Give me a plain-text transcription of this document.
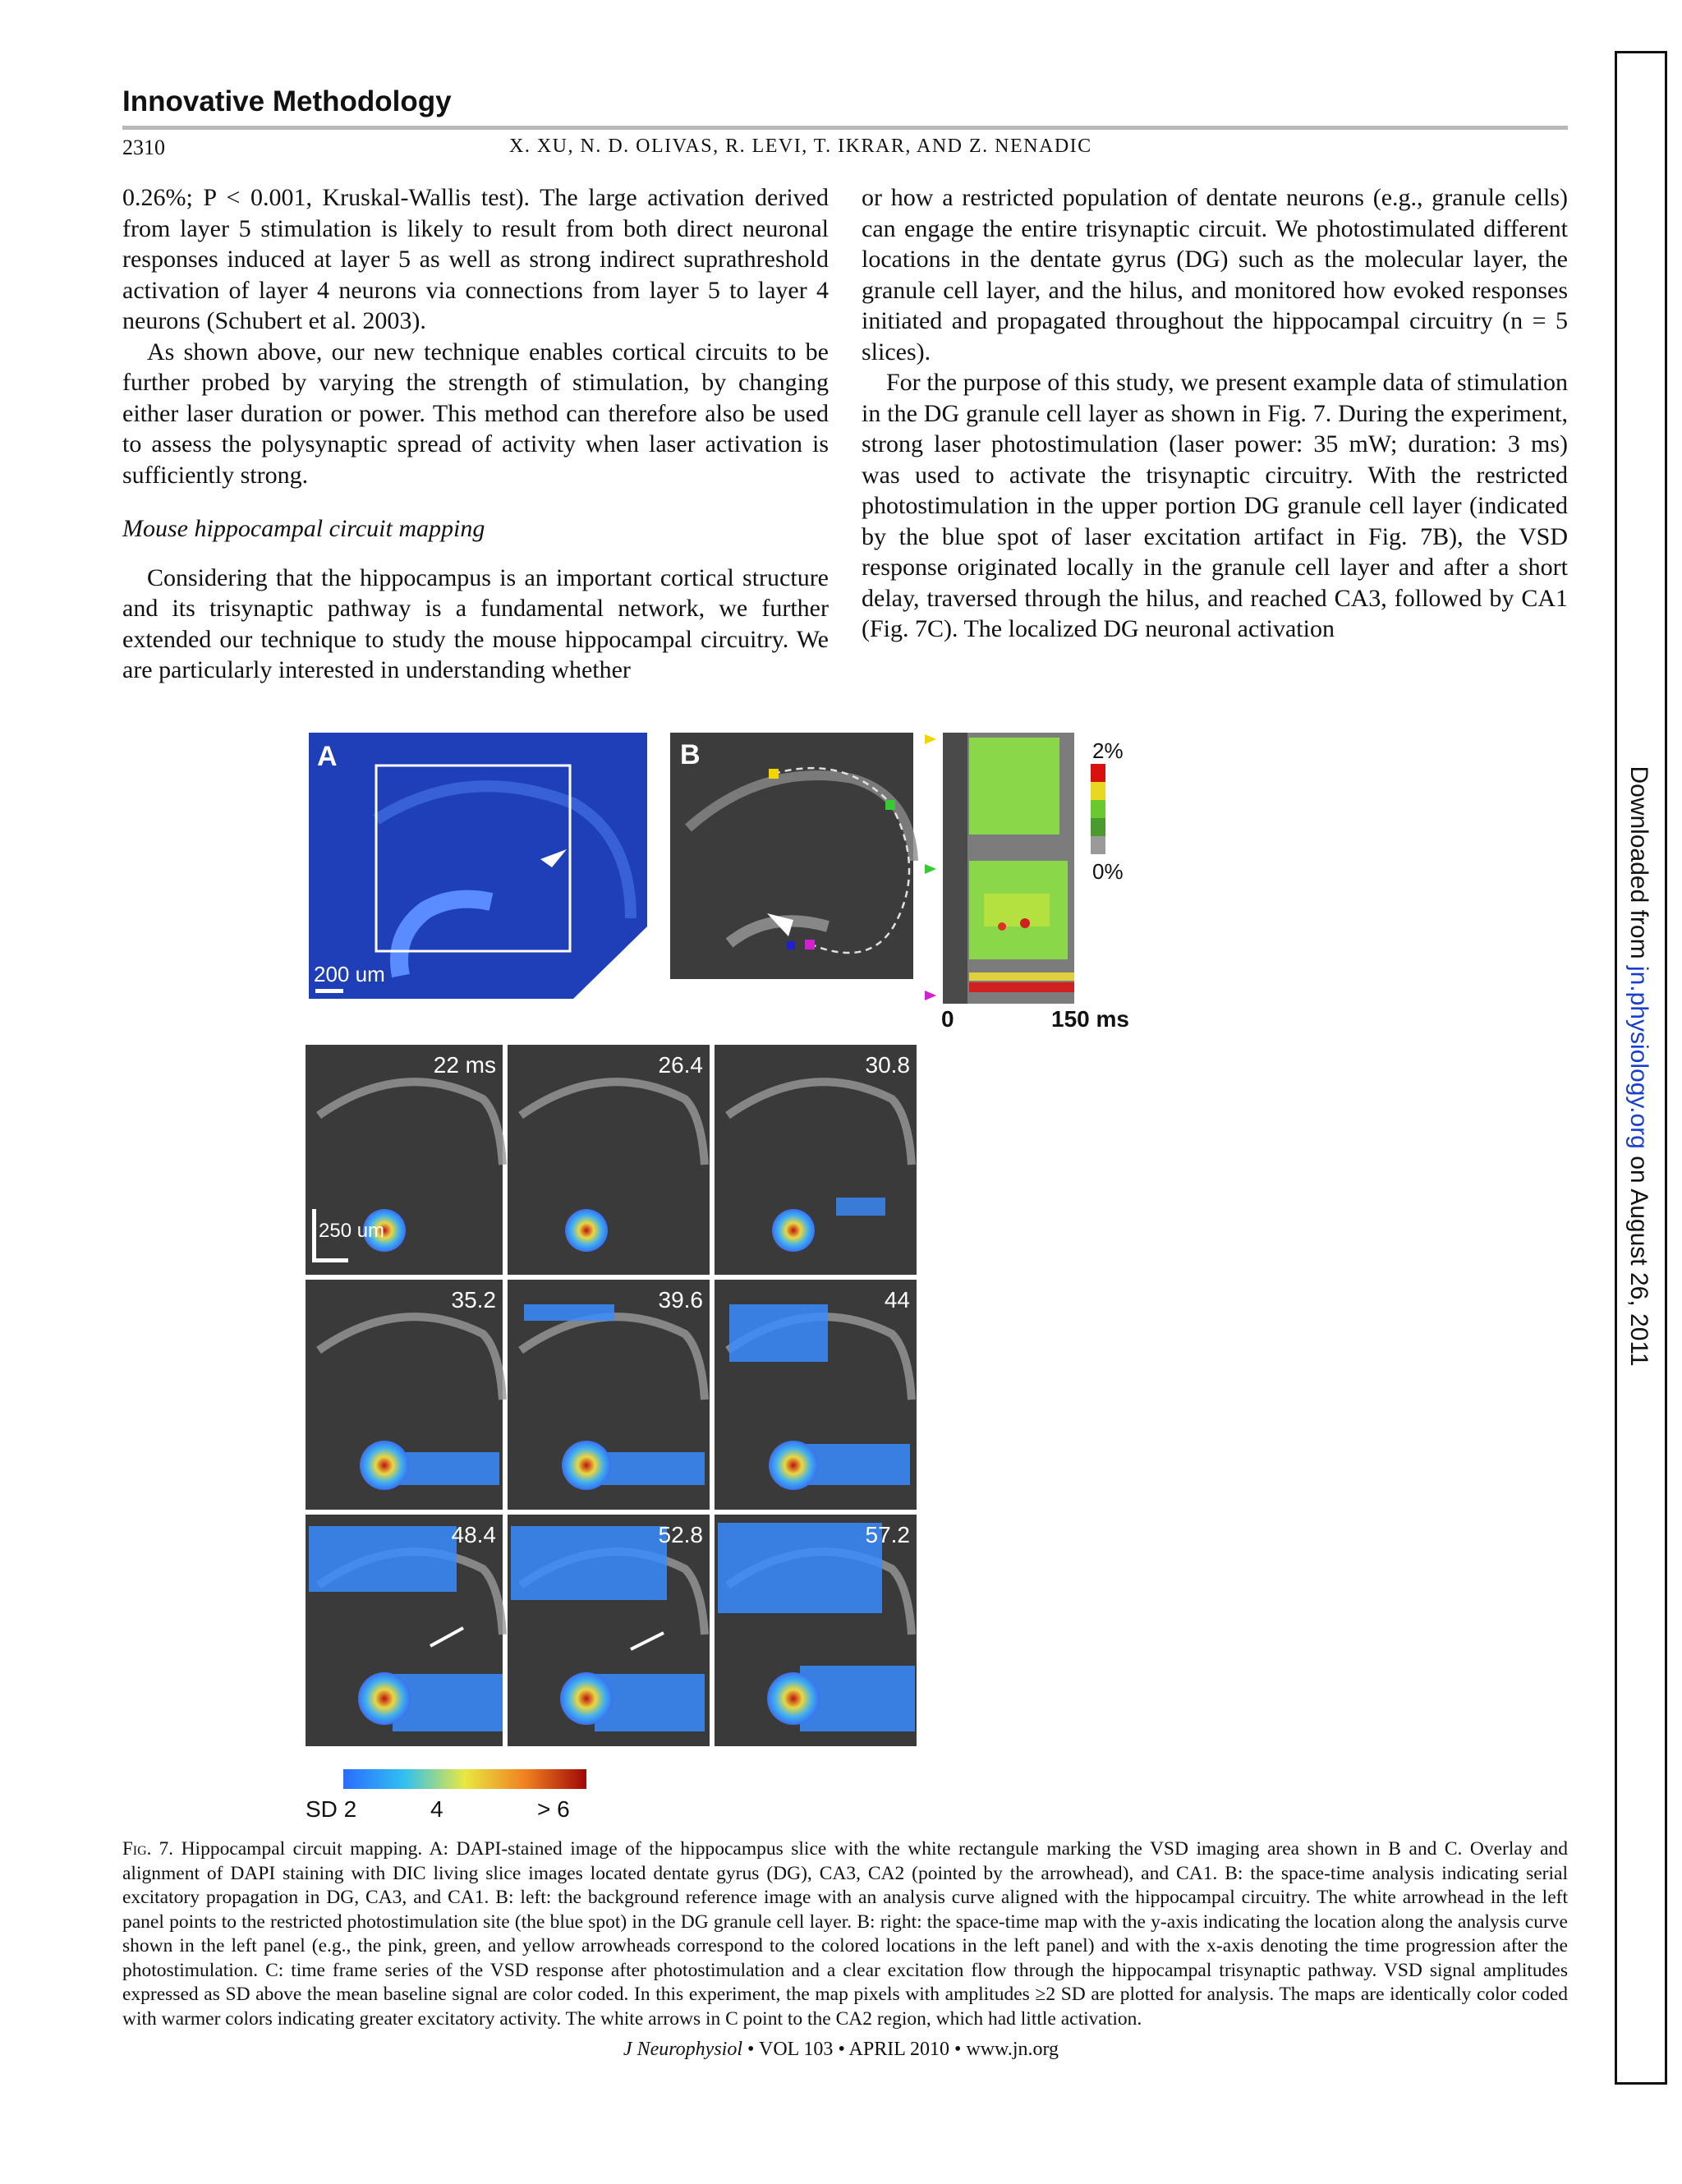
Innovative Methodology
2310	X. XU, N. D. OLIVAS, R. LEVI, T. IKRAR, AND Z. NENADIC

0.26%; P < 0.001, Kruskal-Wallis test). The large activation derived from layer 5 stimulation is likely to result from both direct neuronal responses induced at layer 5 as well as strong indirect suprathreshold activation of layer 4 neurons via connections from layer 5 to layer 4 neurons (Schubert et al. 2003).

As shown above, our new technique enables cortical circuits to be further probed by varying the strength of stimulation, by changing either laser duration or power. This method can therefore also be used to assess the polysynaptic spread of activity when laser activation is sufficiently strong.

Mouse hippocampal circuit mapping

Considering that the hippocampus is an important cortical structure and its trisynaptic pathway is a fundamental network, we further extended our technique to study the mouse hippocampal circuitry. We are particularly interested in understanding whether

or how a restricted population of dentate neurons (e.g., granule cells) can engage the entire trisynaptic circuit. We photostimulated different locations in the dentate gyrus (DG) such as the molecular layer, the granule cell layer, and the hilus, and monitored how evoked responses initiated and propagated throughout the hippocampal circuitry (n = 5 slices).

For the purpose of this study, we present example data of stimulation in the DG granule cell layer as shown in Fig. 7. During the experiment, strong laser photostimulation (laser power: 35 mW; duration: 3 ms) was used to activate the trisynaptic circuitry. With the restricted photostimulation in the upper portion DG granule cell layer (indicated by the blue spot of laser excitation artifact in Fig. 7B), the VSD response originated locally in the granule cell layer and after a short delay, traversed through the hilus, and reached CA3, followed by CA1 (Fig. 7C). The localized DG neuronal activation

A
200 um
B	2%
0%
0	150 ms
22 ms
250 um
26.4	30.8
35.2	39.6	44
48.4	52.8	57.2
SD 2	4	> 6
Fig. 7. Hippocampal circuit mapping. A: DAPI-stained image of the hippocampus slice with the white rectangule marking the VSD imaging area shown in B and C. Overlay and alignment of DAPI staining with DIC living slice images located dentate gyrus (DG), CA3, CA2 (pointed by the arrowhead), and CA1. B: the space-time analysis indicating serial excitatory propagation in DG, CA3, and CA1. B: left: the background reference image with an analysis curve aligned with the hippocampal circuitry. The white arrowhead in the left panel points to the restricted photostimulation site (the blue spot) in the DG granule cell layer. B: right: the space-time map with the y-axis indicating the location along the analysis curve shown in the left panel (e.g., the pink, green, and yellow arrowheads correspond to the colored locations in the left panel) and with the x-axis denoting the time progression after the photostimulation. C: time frame series of the VSD response after photostimulation and a clear excitation flow through the hippocampal trisynaptic pathway. VSD signal amplitudes expressed as SD above the mean baseline signal are color coded. In this experiment, the map pixels with amplitudes ≥2 SD are plotted for analysis. The maps are identically color coded with warmer colors indicating greater excitatory activity. The white arrows in C point to the CA2 region, which had little activation.
J Neurophysiol • VOL 103 • APRIL 2010 • www.jn.org
Downloaded from jn.physiology.org on August 26, 2011
